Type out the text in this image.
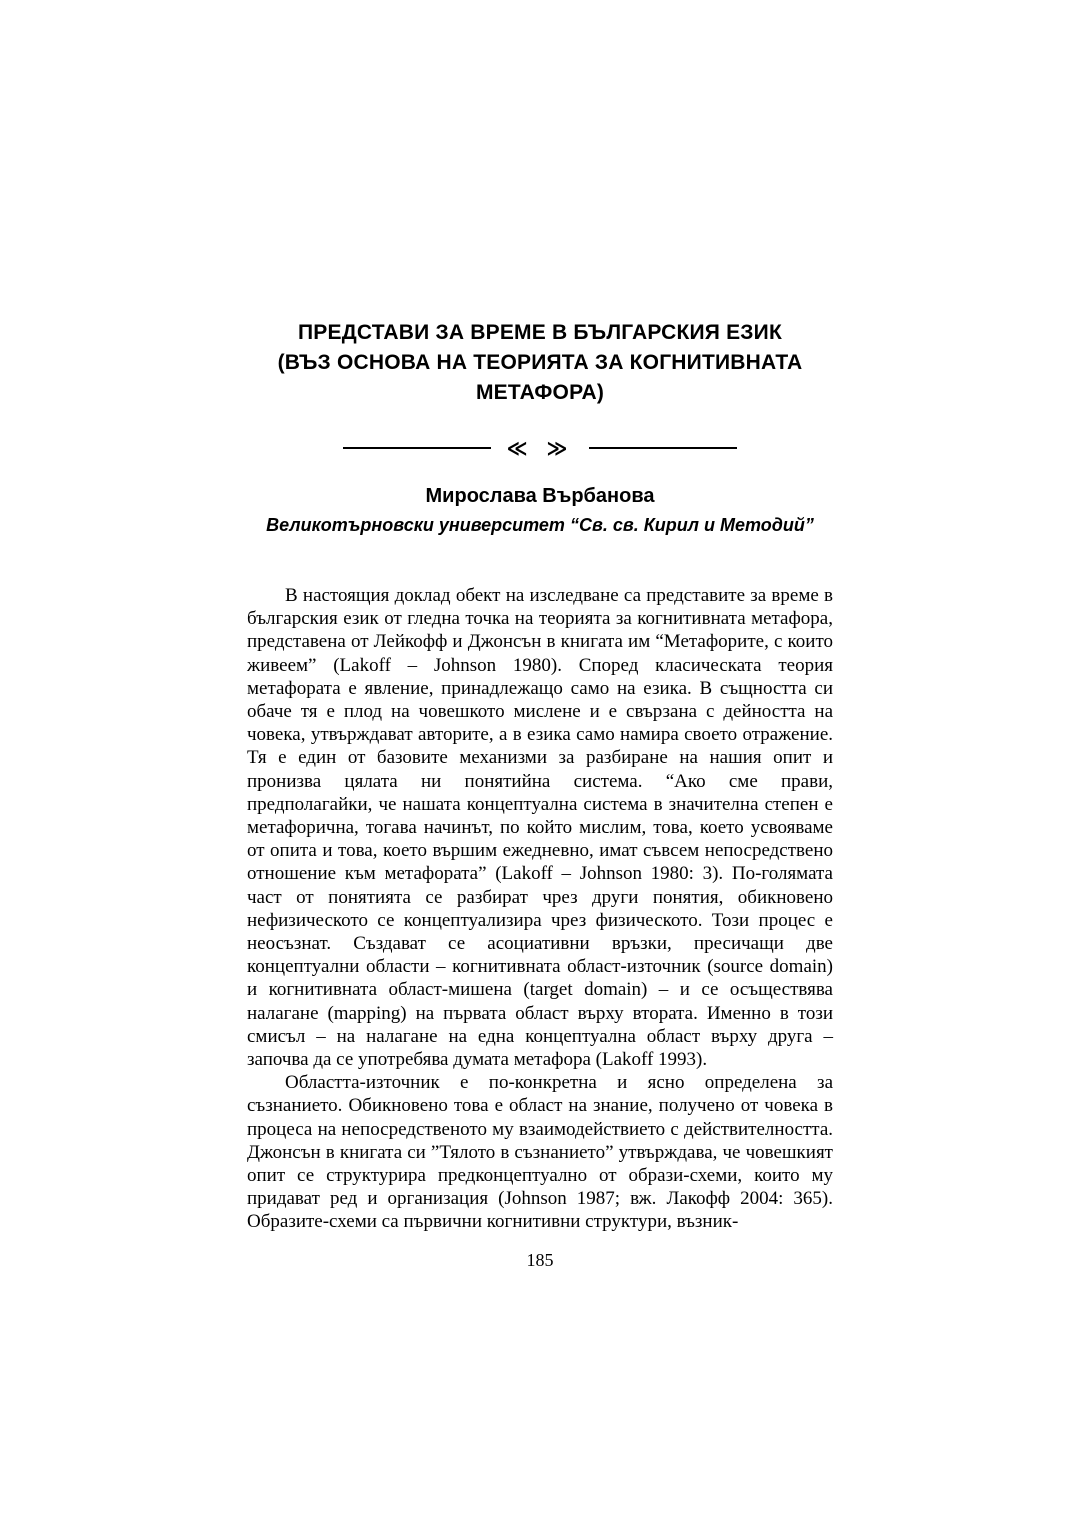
ПРЕДСТАВИ ЗА ВРЕМЕ В БЪЛГАРСКИЯ ЕЗИК
(ВЪЗ ОСНОВА НА ТЕОРИЯТА ЗА КОГНИТИВНАТА МЕТАФОРА)
≪ ≫
Мирослава Върбанова
Великотърновски университет “Св. св. Кирил и Методий”

В настоящия доклад обект на изследване са представите за време в българския език от гледна точка на теорията за когнитивната метафора, представена от Лейкофф и Джонсън в книгата им “Метафорите, с които живеем” (Lakoff – Johnson 1980). Според класическата теория метафората е явление, принадлежащо само на езика. В същността си обаче тя е плод на човешкото мислене и е свързана с дейността на човека, утвърждават авторите, а в езика само намира своето отражение. Тя е един от базовите механизми за разбиране на нашия опит и пронизва цялата ни понятийна система. “Ако сме прави, предполагайки, че нашата концептуална система в значителна степен е метафорична, тогава начинът, по който мислим, това, което усвояваме от опита и това, което вършим ежедневно, имат съвсем непосредствено отношение към метафората” (Lakoff – Johnson 1980: 3). По-голямата част от понятията се разбират чрез други понятия, обикновено нефизическото се концептуализира чрез физическото. Този процес е неосъзнат. Създават се асоциативни връзки, пресичащи две концептуални области – когнитивната област-източник (source domain) и когнитивната област-мишена (target domain) – и се осъществява налагане (mapping) на първата област върху втората. Именно в този смисъл – на налагане на една концептуална област върху друга – започва да се употребява думата метафора (Lakoff 1993).

Областта-източник е по-конкретна и ясно определена за съзнанието. Обикновено това е област на знание, получено от човека в процеса на непосредственото му взаимодействието с действителността. Джонсън в книгата си ”Тялото в съзнанието” утвърждава, че човешкият опит се структурира предконцептуално от образи-схеми, които му придават ред и организация (Johnson 1987; вж. Лакофф 2004: 365). Образите-схеми са първични когнитивни структури, възник-

185
